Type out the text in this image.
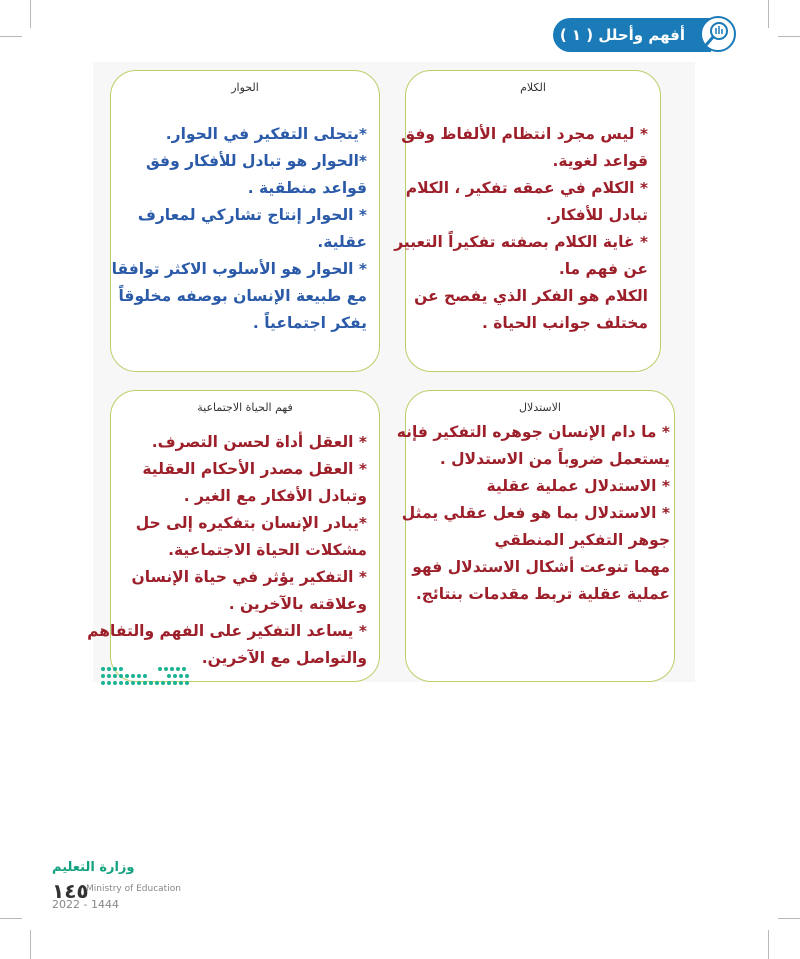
أفهم وأحلل ( ١ )
الكلام
* ليس مجرد انتظام الألفاظ وفق
قواعد لغوية.
* الكلام في عمقه تفكير ، الكلام
تبادل للأفكار.
* غاية الكلام بصفته تفكيراً التعبير
عن فهم ما.
الكلام هو الفكر الذي يفصح عن
مختلف جوانب الحياة .
الحوار
*يتجلى التفكير في الحوار.
*الحوار هو تبادل للأفكار وفق
قواعد منطقية .
* الحوار إنتاج تشاركي لمعارف
عقلية.
* الحوار هو الأسلوب الاكثر توافقا
مع طبيعة الإنسان بوصفه مخلوقاً
يفكر اجتماعياً .
الاستدلال
* ما دام الإنسان جوهره التفكير فإنه
يستعمل ضروباً من الاستدلال .
* الاستدلال عملية عقلية
* الاستدلال بما هو فعل عقلي يمثل
جوهر التفكير المنطقي
مهما تنوعت أشكال الاستدلال فهو
عملية عقلية تربط مقدمات بنتائج.
فهم الحياة الاجتماعية
* العقل أداة لحسن التصرف.
* العقل مصدر الأحكام العقلية
وتبادل الأفكار مع الغير .
*يبادر الإنسان بتفكيره إلى حل
مشكلات الحياة الاجتماعية.
* التفكير يؤثر في حياة الإنسان
وعلاقته بالآخرين .
* يساعد التفكير على الفهم والتفاهم
والتواصل مع الآخرين.
وزارة التعليم
١٤٥
Ministry of Education
2022 - 1444
